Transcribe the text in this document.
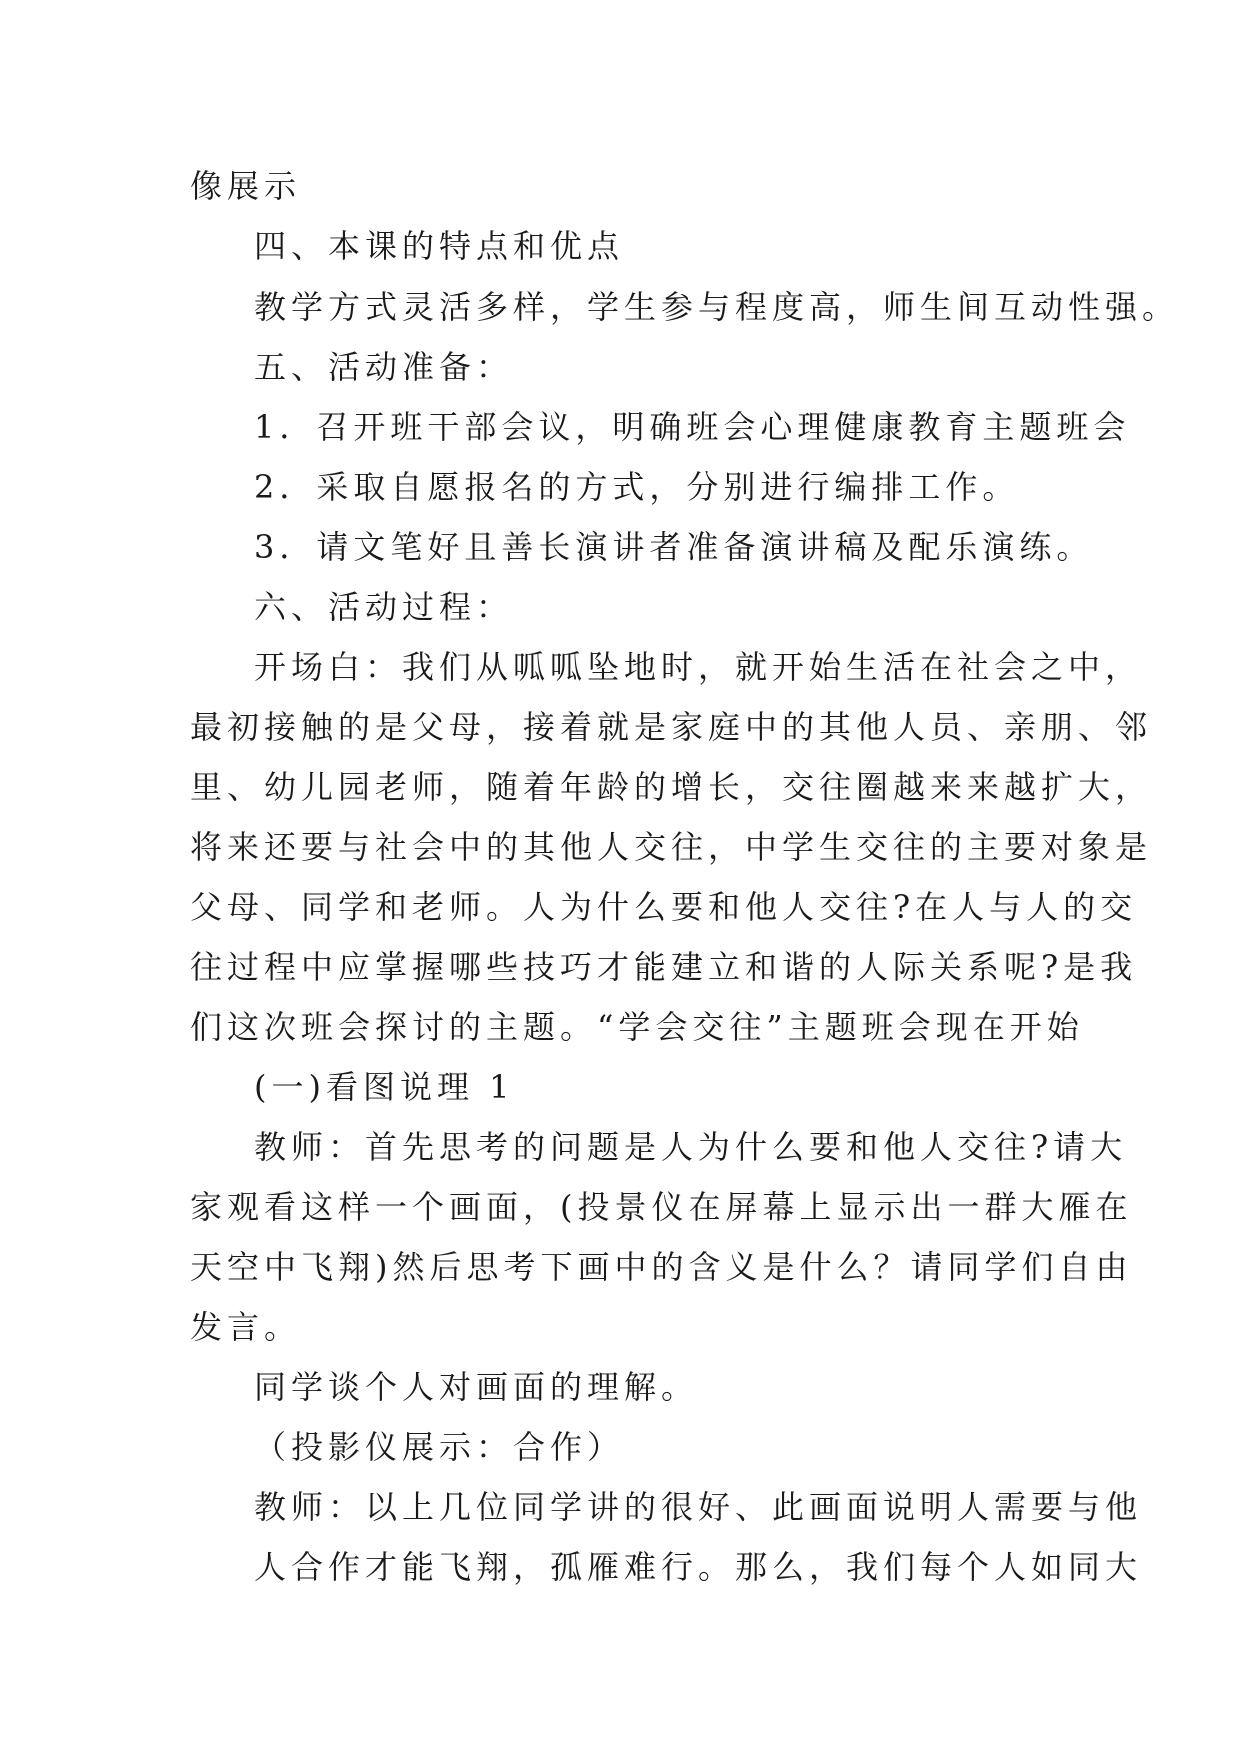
像展示
四、本课的特点和优点
教学方式灵活多样，学生参与程度高，师生间互动性强。
五、活动准备：
1．召开班干部会议，明确班会心理健康教育主题班会
2．采取自愿报名的方式，分别进行编排工作。
3．请文笔好且善长演讲者准备演讲稿及配乐演练。
六、活动过程：
开场白：我们从呱呱坠地时，就开始生活在社会之中，
最初接触的是父母，接着就是家庭中的其他人员、亲朋、邻
里、幼儿园老师，随着年龄的增长，交往圈越来来越扩大，
将来还要与社会中的其他人交往，中学生交往的主要对象是
父母、同学和老师。人为什么要和他人交往?在人与人的交
往过程中应掌握哪些技巧才能建立和谐的人际关系呢?是我
们这次班会探讨的主题。“学会交往”主题班会现在开始
(一)看图说理 1
教师：首先思考的问题是人为什么要和他人交往?请大
家观看这样一个画面，(投景仪在屏幕上显示出一群大雁在
天空中飞翔)然后思考下画中的含义是什么？请同学们自由
发言。
同学谈个人对画面的理解。
（投影仪展示：合作）
教师：以上几位同学讲的很好、此画面说明人需要与他
人合作才能飞翔，孤雁难行。那么，我们每个人如同大
